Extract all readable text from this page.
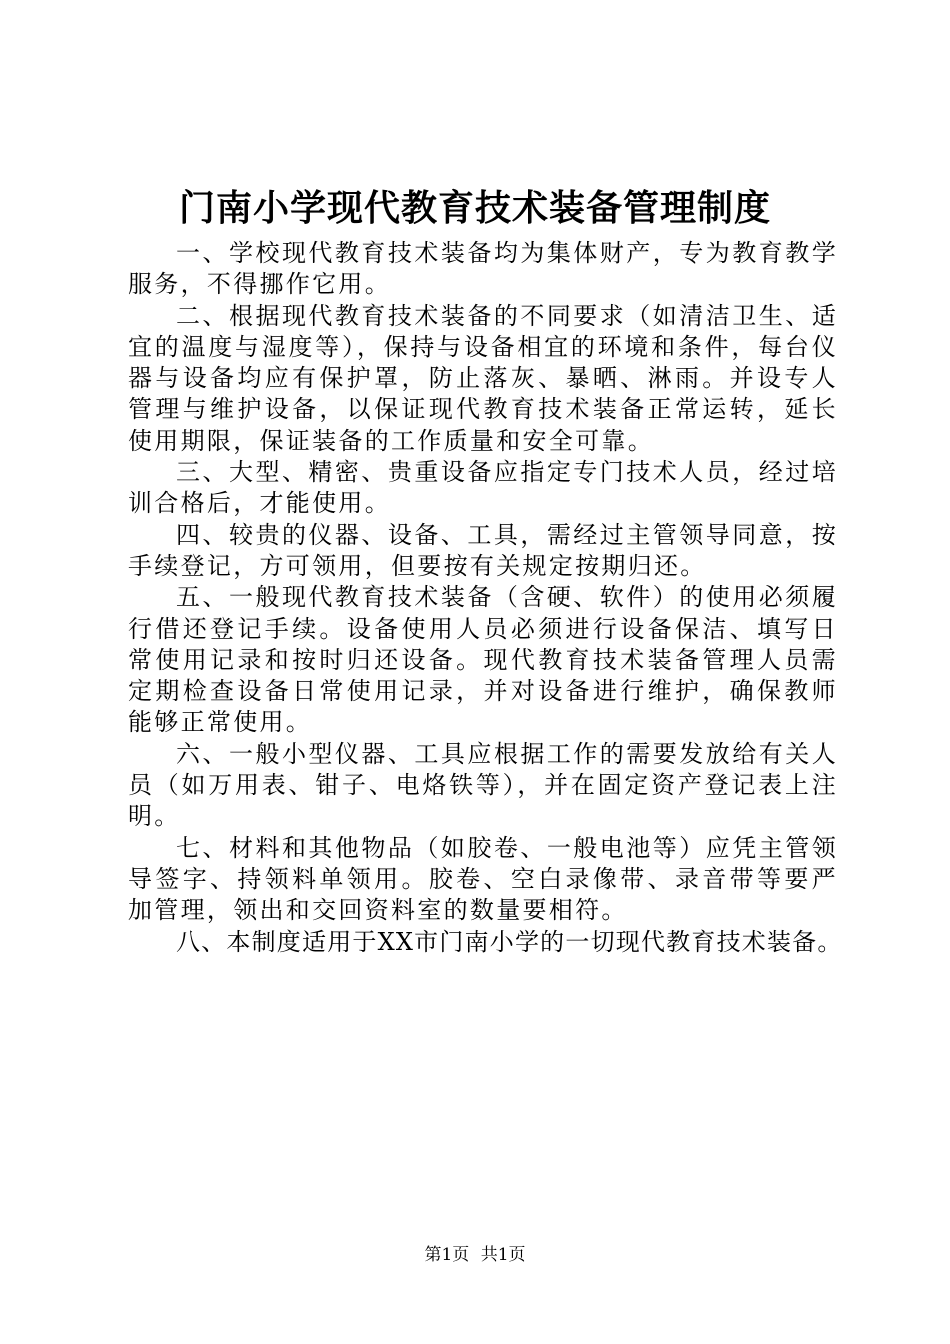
门南小学现代教育技术装备管理制度

一、学校现代教育技术装备均为集体财产，专为教育教学服务，不得挪作它用。

二、根据现代教育技术装备的不同要求（如清洁卫生、适宜的温度与湿度等），保持与设备相宜的环境和条件，每台仪器与设备均应有保护罩，防止落灰、暴晒、淋雨。并设专人管理与维护设备，以保证现代教育技术装备正常运转，延长使用期限，保证装备的工作质量和安全可靠。

三、大型、精密、贵重设备应指定专门技术人员，经过培训合格后，才能使用。

四、较贵的仪器、设备、工具，需经过主管领导同意，按手续登记，方可领用，但要按有关规定按期归还。

五、一般现代教育技术装备（含硬、软件）的使用必须履行借还登记手续。设备使用人员必须进行设备保洁、填写日常使用记录和按时归还设备。现代教育技术装备管理人员需定期检查设备日常使用记录，并对设备进行维护，确保教师能够正常使用。

六、一般小型仪器、工具应根据工作的需要发放给有关人员（如万用表、钳子、电烙铁等），并在固定资产登记表上注明。

七、材料和其他物品（如胶卷、一般电池等）应凭主管领导签字、持领料单领用。胶卷、空白录像带、录音带等要严加管理，领出和交回资料室的数量要相符。

八、本制度适用于XX市门南小学的一切现代教育技术装备。

第1页 共1页
